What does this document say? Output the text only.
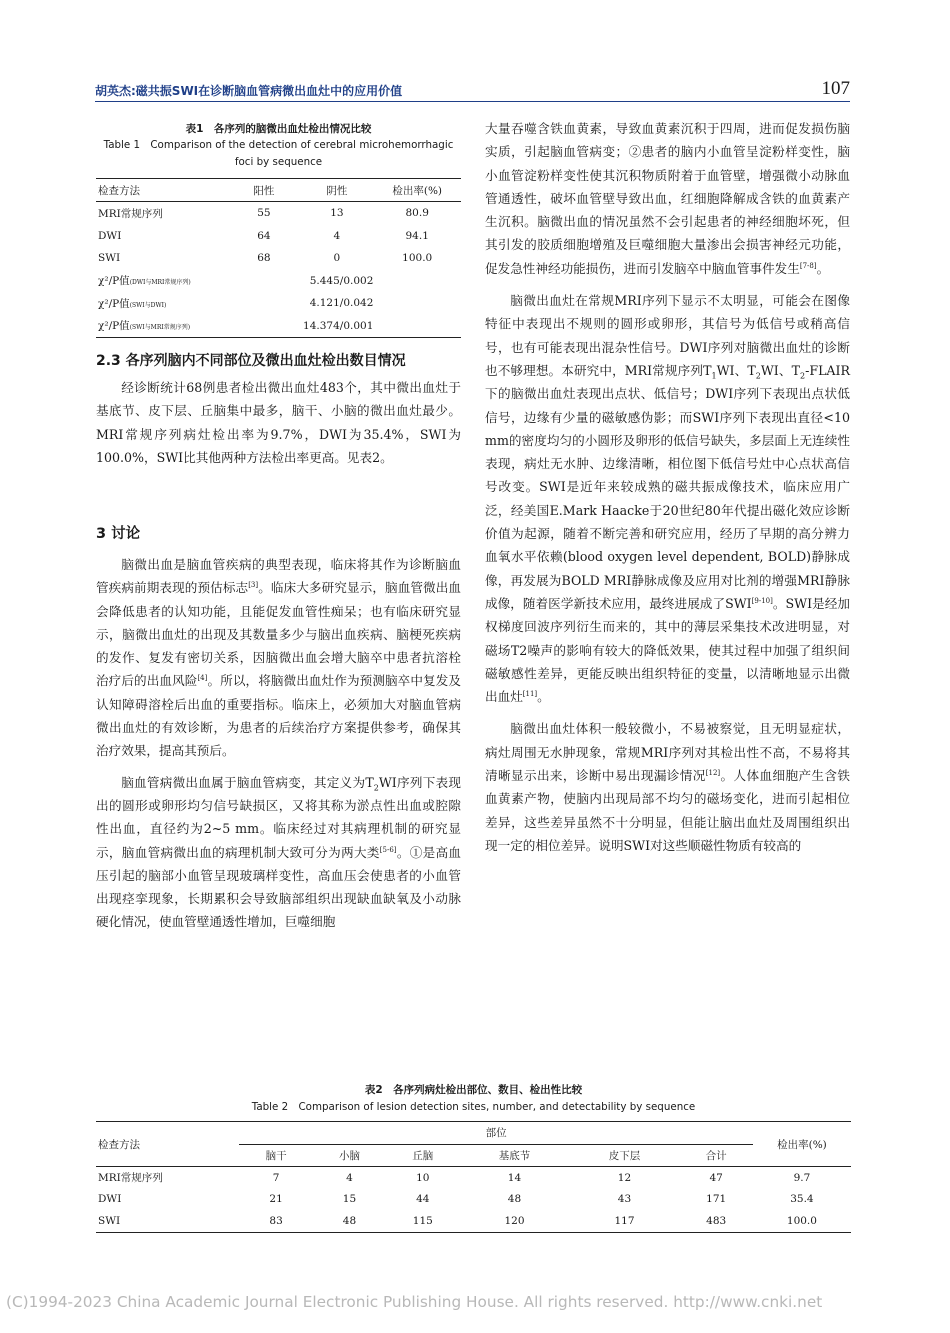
胡英杰:磁共振SWI在诊断脑血管病微出血灶中的应用价值	107
表1　各序列的脑微出血灶检出情况比较
Table 1　Comparison of the detection of cerebral microhemorrhagic
foci by sequence
检查方法	阳性	阴性	检出率(%)
MRI常规序列	55	13	80.9
DWI	64	4	94.1
SWI	68	0	100.0
χ²/P值(DWI与MRI常规序列)	5.445/0.002		
χ²/P值(SWI与DWI)	4.121/0.042		
χ²/P值(SWI与MRI常规序列)	14.374/0.001		
2.3 各序列脑内不同部位及微出血灶检出数目情况

经诊断统计68例患者检出微出血灶483个，其中微出血灶于基底节、皮下层、丘脑集中最多，脑干、小脑的微出血灶最少。MRI常规序列病灶检出率为9.7%，DWI为35.4%，SWI为100.0%，SWI比其他两种方法检出率更高。见表2。

3 讨论

脑微出血是脑血管疾病的典型表现，临床将其作为诊断脑血管疾病前期表现的预估标志[3]。临床大多研究显示，脑血管微出血会降低患者的认知功能，且能促发血管性痴呆；也有临床研究显示，脑微出血灶的出现及其数量多少与脑出血疾病、脑梗死疾病的发作、复发有密切关系，因脑微出血会增大脑卒中患者抗溶栓治疗后的出血风险[4]。所以，将脑微出血灶作为预测脑卒中复发及认知障碍溶栓后出血的重要指标。临床上，必须加大对脑血管病微出血灶的有效诊断，为患者的后续治疗方案提供参考，确保其治疗效果，提高其预后。

脑血管病微出血属于脑血管病变，其定义为$T_2WI$序列下表现出的圆形或卵形均匀信号缺损区，又将其称为淤点性出血或腔隙性出血，直径约为2~5 mm。临床经过对其病理机制的研究显示，脑血管病微出血的病理机制大致可分为两大类[5-6]。①是高血压引起的脑部小血管呈现玻璃样变性，高血压会使患者的小血管出现痉挛现象，长期累积会导致脑部组织出现缺血缺氧及小动脉硬化情况，使血管壁通透性增加，巨噬细胞

大量吞噬含铁血黄素，导致血黄素沉积于四周，进而促发损伤脑实质，引起脑血管病变；②患者的脑内小血管呈淀粉样变性，脑小血管淀粉样变性使其沉积物质附着于血管壁，增强微小动脉血管通透性，破坏血管壁导致出血，红细胞降解成含铁的血黄素产生沉积。脑微出血的情况虽然不会引起患者的神经细胞坏死，但其引发的胶质细胞增殖及巨噬细胞大量渗出会损害神经元功能，促发急性神经功能损伤，进而引发脑卒中脑血管事件发生[7-8]。

脑微出血灶在常规MRI序列下显示不太明显，可能会在图像特征中表现出不规则的圆形或卵形，其信号为低信号或稍高信号，也有可能表现出混杂性信号。DWI序列对脑微出血灶的诊断也不够理想。本研究中，MRI常规序列$T_1WI$、$T_2WI$、$T_2$-FLAIR下的脑微出血灶表现出点状、低信号；DWI序列下表现出点状低信号，边缘有少量的磁敏感伪影；而SWI序列下表现出直径<10 mm的密度均匀的小圆形及卵形的低信号缺失，多层面上无连续性表现，病灶无水肿、边缘清晰，相位图下低信号灶中心点状高信号改变。SWI是近年来较成熟的磁共振成像技术，临床应用广泛，经美国E.Mark Haacke于20世纪80年代提出磁化效应诊断价值为起源，随着不断完善和研究应用，经历了早期的高分辨力血氧水平依赖(blood oxygen level dependent, BOLD)静脉成像，再发展为BOLD MRI静脉成像及应用对比剂的增强MRI静脉成像，随着医学新技术应用，最终进展成了SWI[9-10]。SWI是经加权梯度回波序列衍生而来的，其中的薄层采集技术改进明显，对磁场T2噪声的影响有较大的降低效果，使其过程中加强了组织间磁敏感性差异，更能反映出组织特征的变量，以清晰地显示出微出血灶[11]。

脑微出血灶体积一般较微小，不易被察觉，且无明显症状，病灶周围无水肿现象，常规MRI序列对其检出性不高，不易将其清晰显示出来，诊断中易出现漏诊情况[12]。人体血细胞产生含铁血黄素产物，使脑内出现局部不均匀的磁场变化，进而引起相位差异，这些差异虽然不十分明显，但能让脑出血灶及周围组织出现一定的相位差异。说明SWI对这些顺磁性物质有较高的

表2　各序列病灶检出部位、数目、检出性比较
Table 2　Comparison of lesion detection sites, number, and detectability by sequence
检查方法	部位						检出率(%)
	脑干	小脑	丘脑	基底节	皮下层	合计	
MRI常规序列	7	4	10	14	12	47	9.7
DWI	21	15	44	48	43	171	35.4
SWI	83	48	115	120	117	483	100.0
(C)1994-2023 China Academic Journal Electronic Publishing House. All rights reserved. http://www.cnki.net
